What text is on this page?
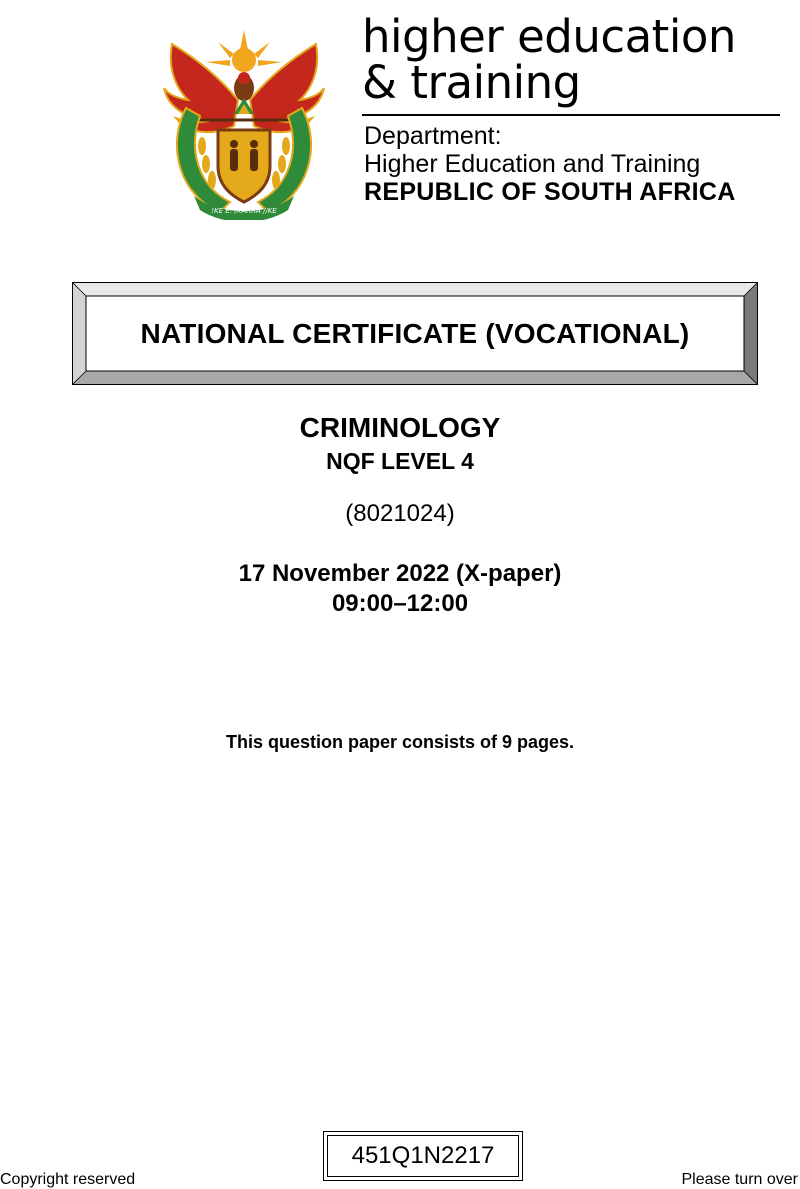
!KE E: /XARRA //KE
higher education
& training
Department:
Higher Education and Training
REPUBLIC OF SOUTH AFRICA
NATIONAL CERTIFICATE (VOCATIONAL)
CRIMINOLOGY
NQF LEVEL 4
(8021024)
17 November 2022 (X-paper)
09:00–12:00
This question paper consists of 9 pages.
451Q1N2217
Copyright reserved	Please turn over
